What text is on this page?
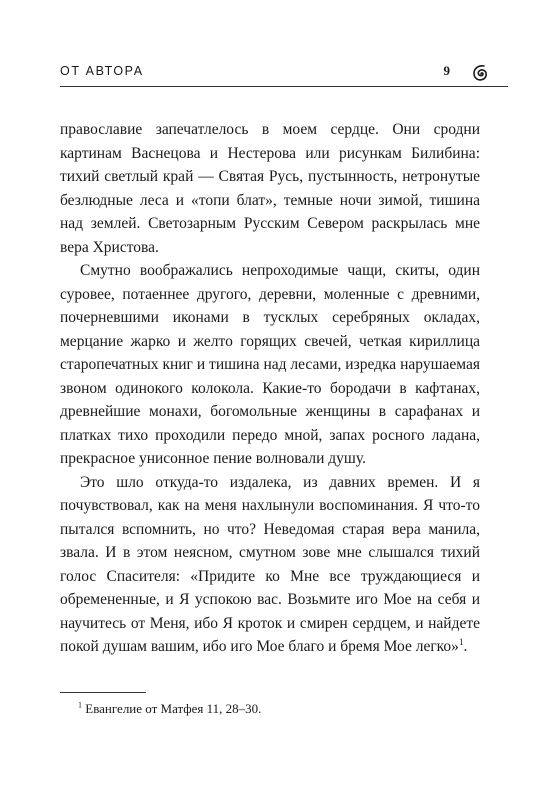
ОТ АВТОРА	9

православие запечатлелось в моем сердце. Они сродни картинам Васнецова и Нестерова или рисункам Билибина: тихий светлый край — Святая Русь, пустынность, нетронутые безлюдные леса и «топи блат», темные ночи зимой, тишина над землей. Светозарным Русским Севером раскрылась мне вера Христова.

Смутно воображались непроходимые чащи, скиты, один суровее, потаеннее другого, деревни, моленные с древними, почерневшими иконами в тусклых серебряных окладах, мерцание жарко и желто горящих свечей, четкая кириллица старопечатных книг и тишина над лесами, изредка нарушаемая звоном одинокого колокола. Какие-то бородачи в кафтанах, древнейшие монахи, богомольные женщины в сарафанах и платках тихо проходили передо мной, запах росного ладана, прекрасное унисонное пение волновали душу.

Это шло откуда-то издалека, из давних времен. И я почувствовал, как на меня нахлынули воспоминания. Я что-то пытался вспомнить, но что? Неведомая старая вера манила, звала. И в этом неясном, смутном зове мне слышался тихий голос Спасителя: «Придите ко Мне все труждающиеся и обремененные, и Я успокою вас. Возьмите иго Мое на себя и научитесь от Меня, ибо Я кроток и смирен сердцем, и найдете покой душам вашим, ибо иго Мое благо и бремя Мое легко»$^1$.

$^1$ Евангелие от Матфея 11, 28–30.
